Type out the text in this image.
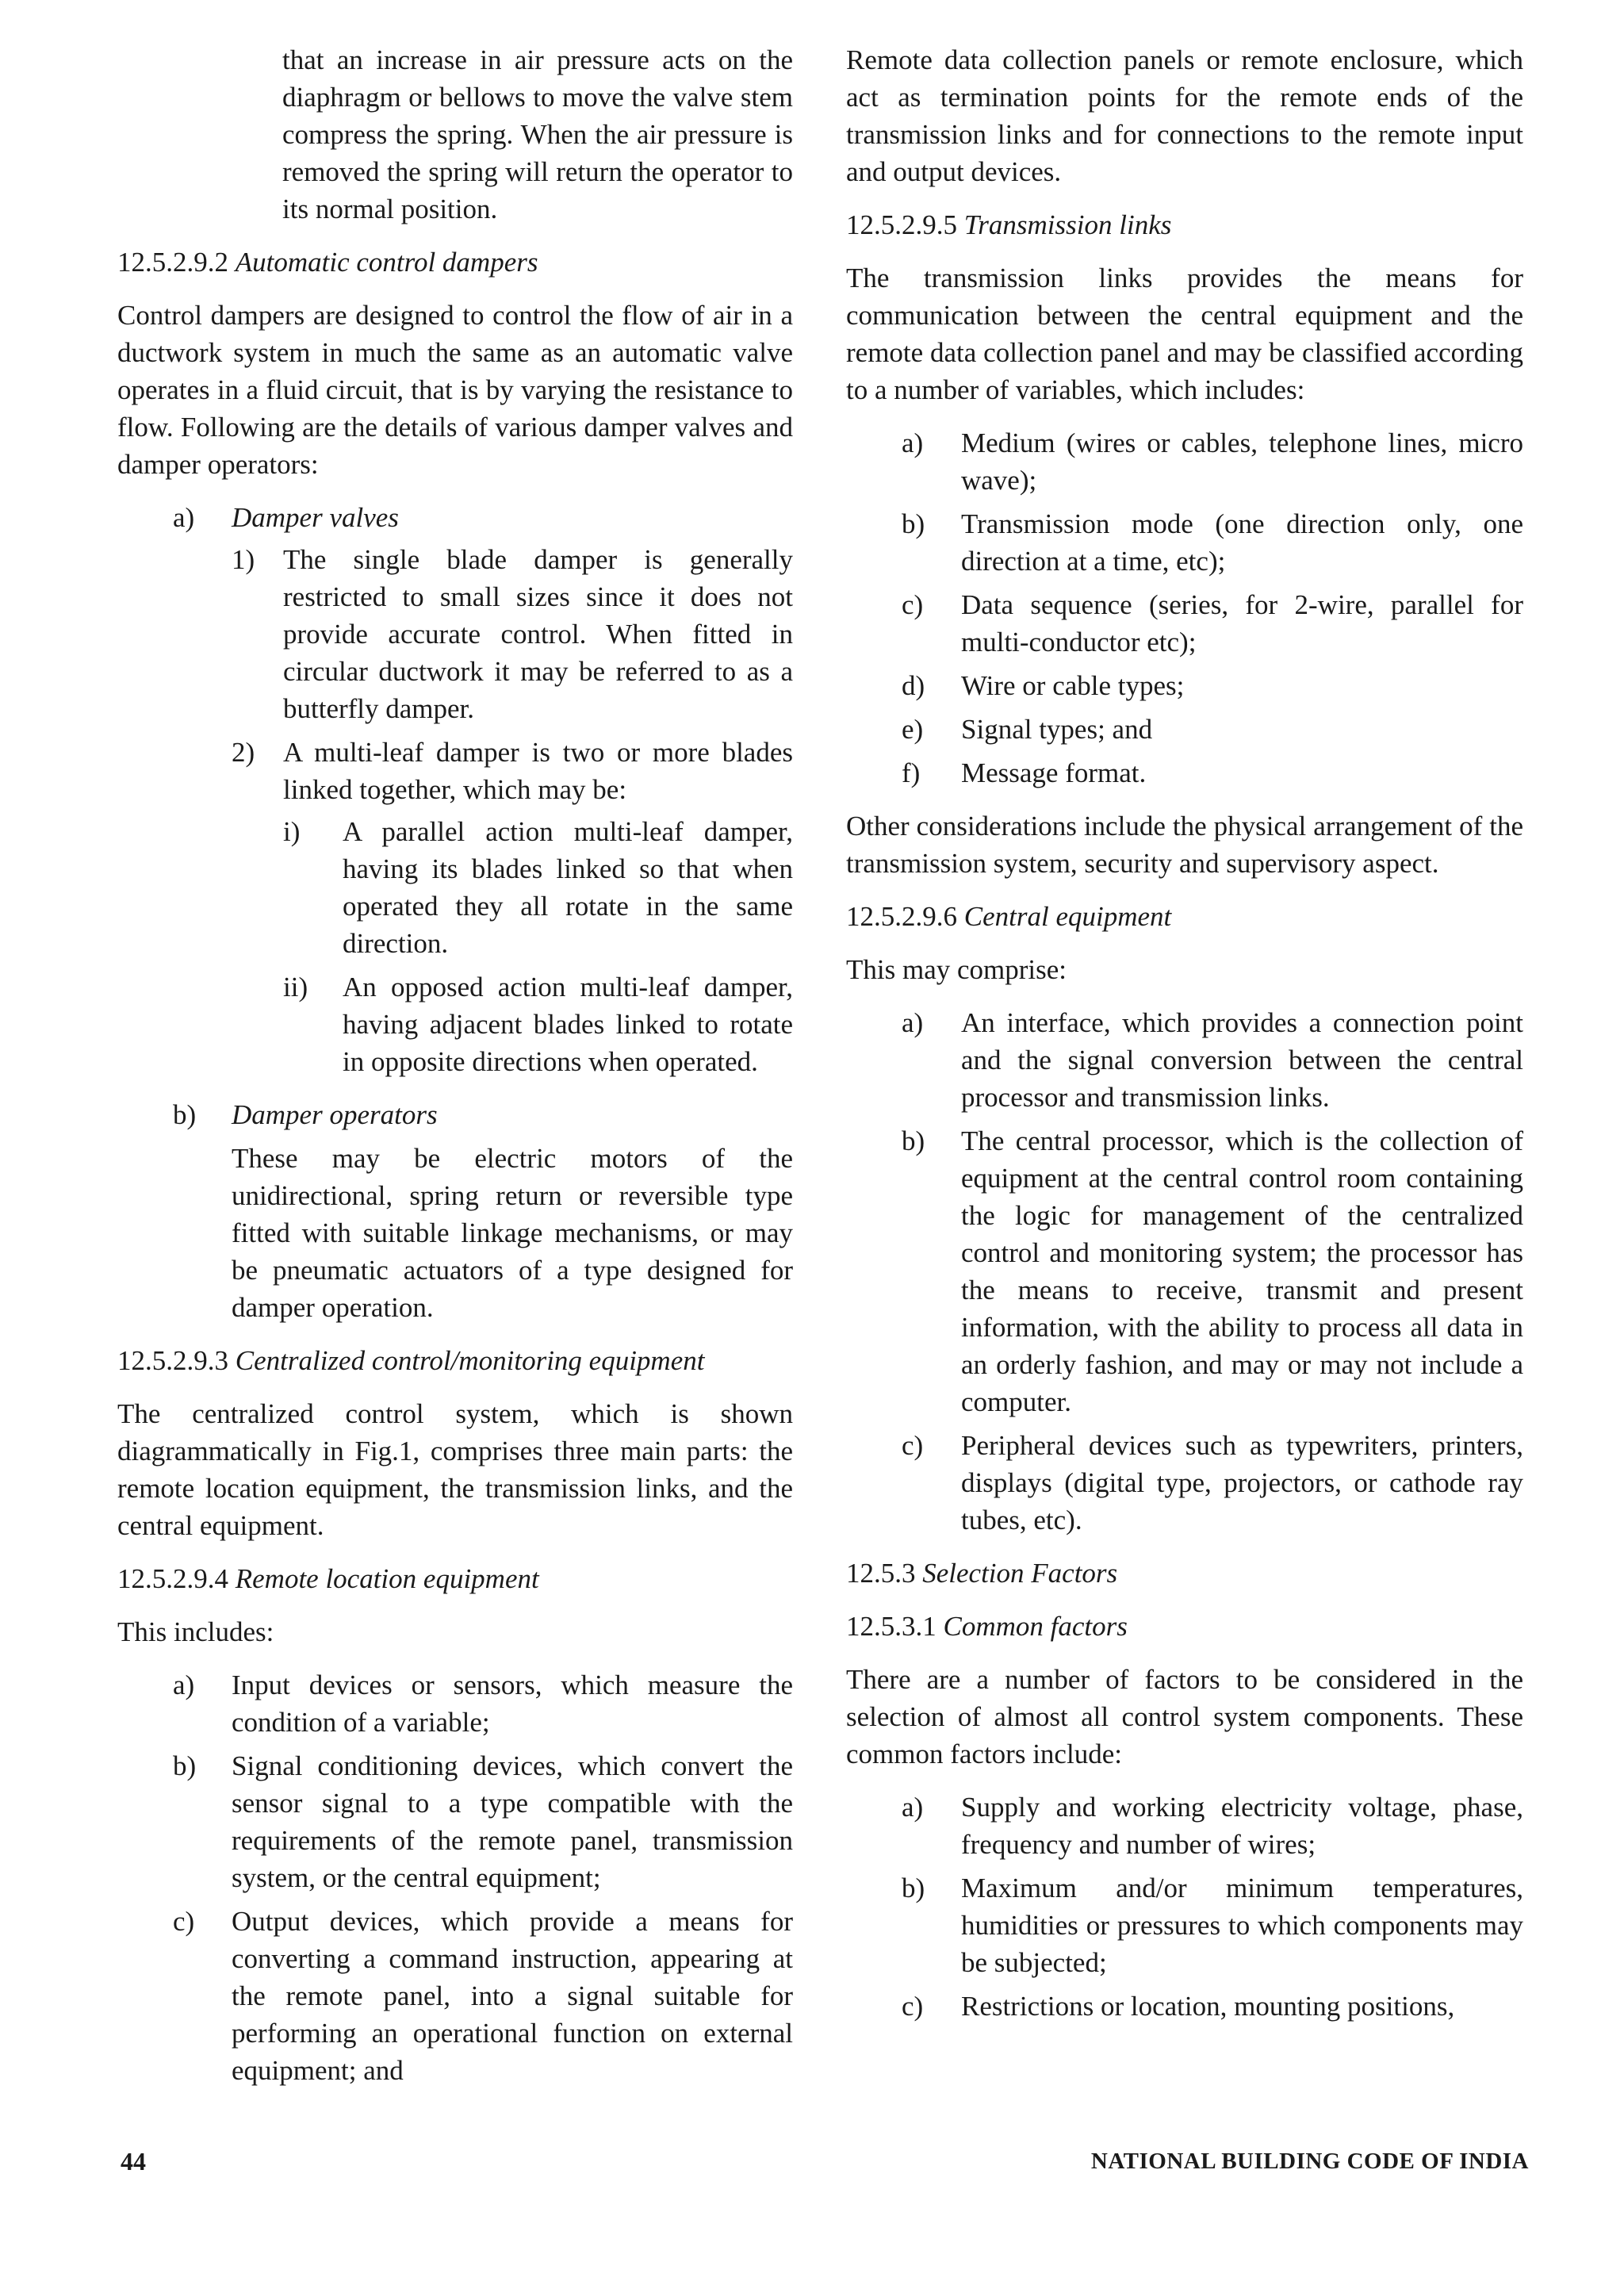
that an increase in air pressure acts on the diaphragm or bellows to move the valve stem compress the spring. When the air pressure is removed the spring will return the operator to its normal position.

12.5.2.9.2 Automatic control dampers

Control dampers are designed to control the flow of air in a ductwork system in much the same as an automatic valve operates in a fluid circuit, that is by varying the resistance to flow. Following are the details of various damper valves and damper operators:

a) Damper valves
1) The single blade damper is generally restricted to small sizes since it does not provide accurate control. When fitted in circular ductwork it may be referred to as a butterfly damper.
2) A multi-leaf damper is two or more blades linked together, which may be:
i) A parallel action multi-leaf damper, having its blades linked so that when operated they all rotate in the same direction.
ii) An opposed action multi-leaf damper, having adjacent blades linked to rotate in opposite directions when operated.
b) Damper operators
These may be electric motors of the unidirectional, spring return or reversible type fitted with suitable linkage mechanisms, or may be pneumatic actuators of a type designed for damper operation.
12.5.2.9.3 Centralized control/monitoring equipment

The centralized control system, which is shown diagrammatically in Fig.1, comprises three main parts: the remote location equipment, the transmission links, and the central equipment.

12.5.2.9.4 Remote location equipment

This includes:

a) Input devices or sensors, which measure the condition of a variable;
b) Signal conditioning devices, which convert the sensor signal to a type compatible with the requirements of the remote panel, transmission system, or the central equipment;
c) Output devices, which provide a means for converting a command instruction, appearing at the remote panel, into a signal suitable for performing an operational function on external equipment; and

Remote data collection panels or remote enclosure, which act as termination points for the remote ends of the transmission links and for connections to the remote input and output devices.

12.5.2.9.5 Transmission links

The transmission links provides the means for communication between the central equipment and the remote data collection panel and may be classified according to a number of variables, which includes:

a) Medium (wires or cables, telephone lines, micro wave);
b) Transmission mode (one direction only, one direction at a time, etc);
c) Data sequence (series, for 2-wire, parallel for multi-conductor etc);
d) Wire or cable types;
e) Signal types; and
f) Message format.

Other considerations include the physical arrangement of the transmission system, security and supervisory aspect.

12.5.2.9.6 Central equipment

This may comprise:

a) An interface, which provides a connection point and the signal conversion between the central processor and transmission links.
b) The central processor, which is the collection of equipment at the central control room containing the logic for management of the centralized control and monitoring system; the processor has the means to receive, transmit and present information, with the ability to process all data in an orderly fashion, and may or may not include a computer.
c) Peripheral devices such as typewriters, printers, displays (digital type, projectors, or cathode ray tubes, etc).
12.5.3 Selection Factors
12.5.3.1 Common factors

There are a number of factors to be considered in the selection of almost all control system components. These common factors include:

a) Supply and working electricity voltage, phase, frequency and number of wires;
b) Maximum and/or minimum temperatures, humidities or pressures to which components may be subjected;
c) Restrictions or location, mounting positions,
44	NATIONAL BUILDING CODE OF INDIA
